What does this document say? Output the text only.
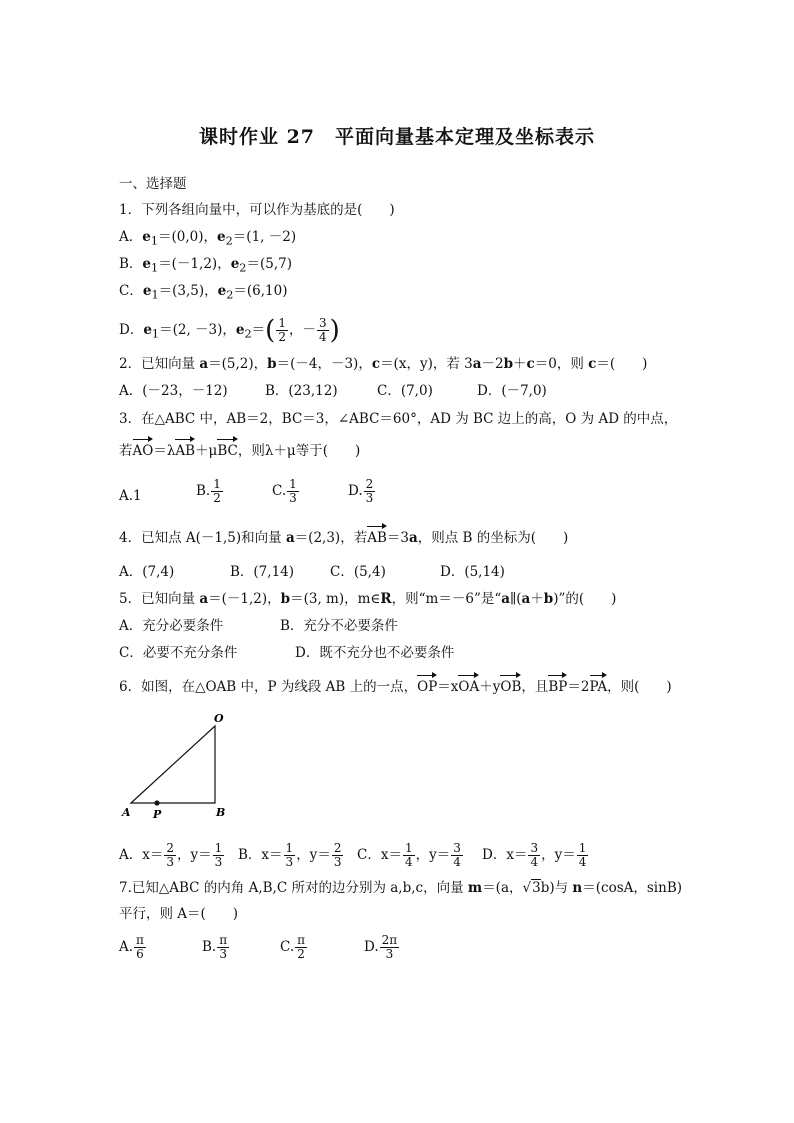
课时作业 27　平面向量基本定理及坐标表示
一、选择题
1．下列各组向量中，可以作为基底的是(　　)
A．$e_1=(0,0)$，$e_2=(1$, －2)
B．$e_1=(-1,2)$，$e_2=(5,7)$
C．$e_1=(3,5)$，$e_2=(6,10)$
D．$e_1=(2$, －3)，$e_2=( \frac{1}{2}$ ，－ $\frac{3}{4}$ )
2．已知向量 a＝(5,2)，b＝(－4，－3)，c＝(x，y)，若 3a－2b＋c＝0，则 c＝(　　)
A．(－23，－12)	B．(23,12)	C．(7,0)	D．(－7,0)
3．在△ABC 中，AB＝2，BC＝3，∠ABC＝60°，AD 为 BC 边上的高，O 为 AD 的中点，
若AO＝λAB＋μBC，则λ＋μ等于(　　)
A.1	B. $\frac{1}{2}$	C. $\frac{1}{3}$	D. $\frac{2}{3}$
4．已知点 A(－1,5)和向量 a＝(2,3)，若AB＝3a，则点 B 的坐标为(　　)
A．(7,4)	B．(7,14)	C．(5,4)	D．(5,14)
5．已知向量 a＝(－1,2)，b＝(3, m)，m∈R，则“m＝－6”是“a∥(a＋b)”的(　　)
A．充分必要条件	B．充分不必要条件
C．必要不充分条件	D．既不充分也不必要条件
6．如图，在△OAB 中，P 为线段 AB 上的一点，OP＝xOA＋yOB，且BP＝2PA，则(　　)
O
A	B
P
A．$x= \frac{2}{3}$ ，$y= \frac{1}{3}$ B．$x= \frac{1}{3}$ ，$y= \frac{2}{3}$ C．$x= \frac{1}{4}$ ，$y= \frac{3}{4}$ D．$x= \frac{3}{4}$ ，$y= \frac{1}{4}$
7.已知△ABC 的内角 A,B,C 所对的边分别为 a,b,c，向量 m＝(a，√3b)与 n＝(cosA，sinB)
平行，则 A＝(　　)
A. $\frac{\pi}{6}$	B. $\frac{\pi}{3}$	C. $\frac{\pi}{2}$	D. $\frac{2\pi}{3}$
